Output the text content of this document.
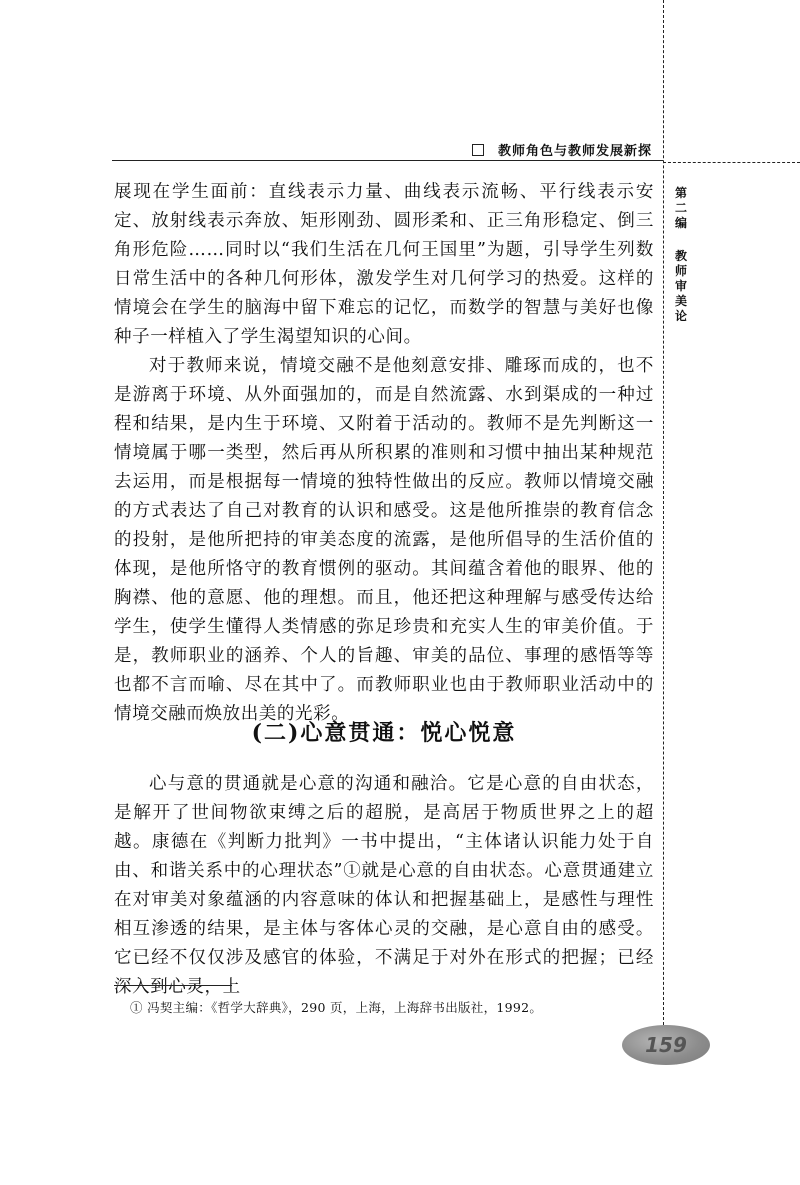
教师角色与教师发展新探
第二编
教师审美论

展现在学生面前：直线表示力量、曲线表示流畅、平行线表示安定、放射线表示奔放、矩形刚劲、圆形柔和、正三角形稳定、倒三角形危险……同时以“我们生活在几何王国里”为题，引导学生列数日常生活中的各种几何形体，激发学生对几何学习的热爱。这样的情境会在学生的脑海中留下难忘的记忆，而数学的智慧与美好也像种子一样植入了学生渴望知识的心间。

对于教师来说，情境交融不是他刻意安排、雕琢而成的，也不是游离于环境、从外面强加的，而是自然流露、水到渠成的一种过程和结果，是内生于环境、又附着于活动的。教师不是先判断这一情境属于哪一类型，然后再从所积累的准则和习惯中抽出某种规范去运用，而是根据每一情境的独特性做出的反应。教师以情境交融的方式表达了自己对教育的认识和感受。这是他所推崇的教育信念的投射，是他所把持的审美态度的流露，是他所倡导的生活价值的体现，是他所恪守的教育惯例的驱动。其间蕴含着他的眼界、他的胸襟、他的意愿、他的理想。而且，他还把这种理解与感受传达给学生，使学生懂得人类情感的弥足珍贵和充实人生的审美价值。于是，教师职业的涵养、个人的旨趣、审美的品位、事理的感悟等等也都不言而喻、尽在其中了。而教师职业也由于教师职业活动中的情境交融而焕放出美的光彩。

(二)心意贯通：悦心悦意

心与意的贯通就是心意的沟通和融洽。它是心意的自由状态，是解开了世间物欲束缚之后的超脱，是高居于物质世界之上的超越。康德在《判断力批判》一书中提出，“主体诸认识能力处于自由、和谐关系中的心理状态”①就是心意的自由状态。心意贯通建立在对审美对象蕴涵的内容意味的体认和把握基础上，是感性与理性相互渗透的结果，是主体与客体心灵的交融，是心意自由的感受。它已经不仅仅涉及感官的体验，不满足于对外在形式的把握；已经深入到心灵，上

① 冯契主编：《哲学大辞典》，290 页，上海，上海辞书出版社，1992。
159
